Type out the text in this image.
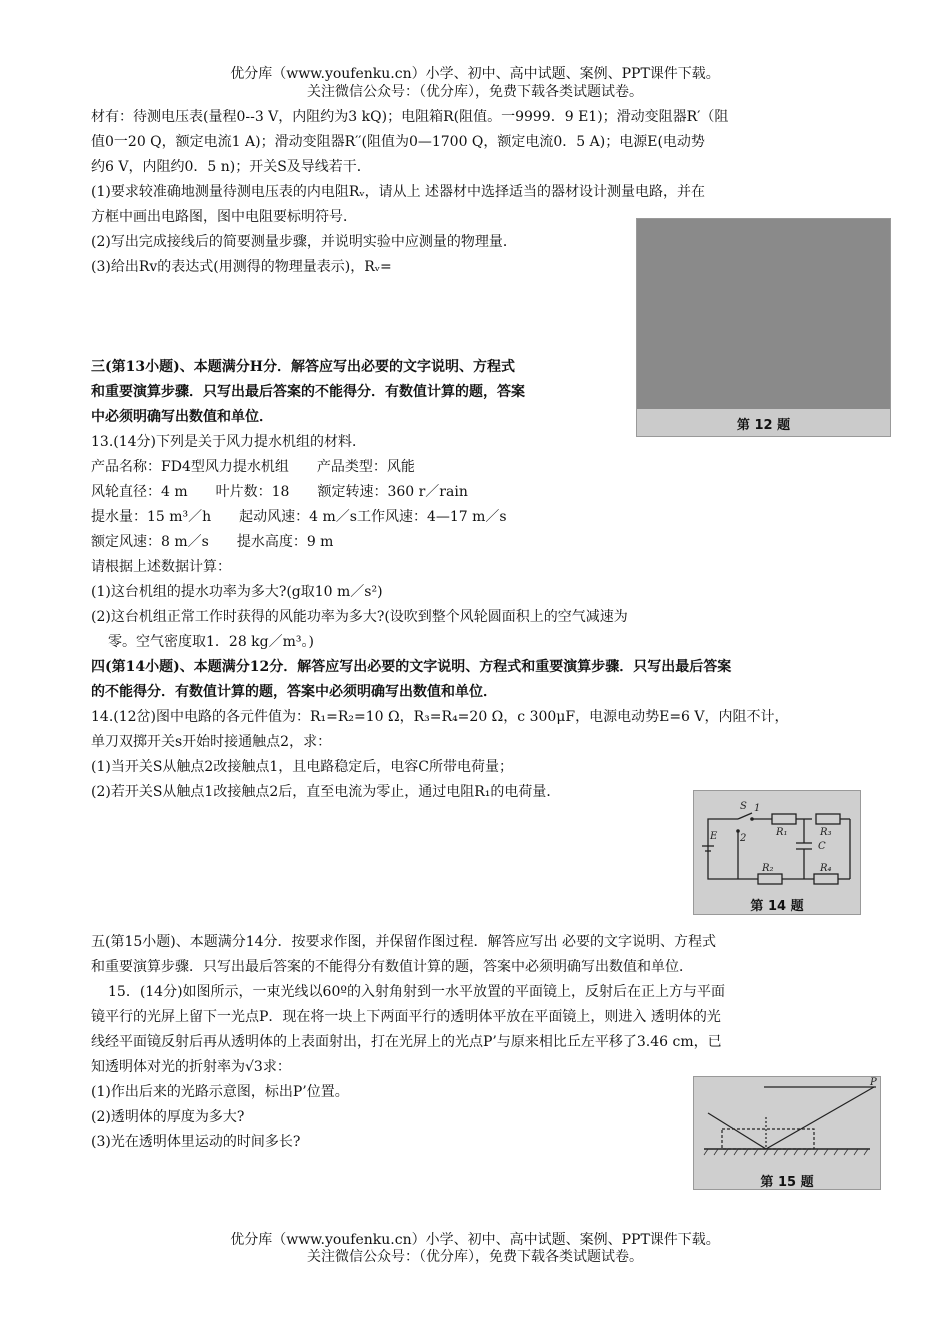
优分库（www.youfenku.cn）小学、初中、高中试题、案例、PPT课件下载。
关注微信公众号：（优分库），免费下载各类试题试卷。
材有：待测电压表(量程0--3 V，内阻约为3 kQ)；电阻箱R(阻值。一9999．9 E1)；滑动变阻器R′（阻
值0一20 Q，额定电流1 A)；滑动变阻器R′′(阻值为0—1700 Q，额定电流0．5 A)；电源E(电动势
约6 V，内阻约0．5 n)；开关S及导线若干．
(1)要求较准确地测量待测电压表的内电阻Rᵥ，请从上 述器材中选择适当的器材设计测量电路，并在
方框中画出电路图，图中电阻要标明符号．
(2)写出完成接线后的简要测量步骤，并说明实验中应测量的物理量．
(3)给出Rv的表达式(用测得的物理量表示)，Rᵥ=
第 12 题
三(第13小题)、本题满分H分．解答应写出必要的文字说明、方程式
和重要演算步骤．只写出最后答案的不能得分．有数值计算的题，答案
中必须明确写出数值和单位．
13.(14分)下列是关于风力提水机组的材料．
产品名称：FD4型风力提水机组　　产品类型：风能
风轮直径：4 m　　叶片数：18　　额定转速：360 r／rain
提水量：15 m³／h　　起动风速：4 m／s工作风速：4—17 m／s
额定风速：8 m／s　　提水高度：9 m
请根据上述数据计算：
(1)这台机组的提水功率为多大?(g取10 m／s²)
(2)这台机组正常工作时获得的风能功率为多大?(设吹到整个风轮圆面积上的空气减速为
零。空气密度取1．28 kg／m³。)
四(第14小题)、本题满分12分．解答应写出必要的文字说明、方程式和重要演算步骤．只写出最后答案
的不能得分．有数值计算的题，答案中必须明确写出数值和单位．
14.(12岔)图中电路的各元件值为：R₁=R₂=10 Ω，R₃=R₄=20 Ω，c 300μF，电源电动势E=6 V，内阻不计，
单刀双掷开关s开始时接通触点2，求：
(1)当开关S从触点2改接触点1，且电路稳定后，电容C所带电荷量；
(2)若开关S从触点1改接触点2后，直至电流为零止，通过电阻R₁的电荷量．
S 1
2
E	R₁	R₃
C
R₂	R₄
第 14 题
五(第15小题)、本题满分14分．按要求作图，并保留作图过程．解答应写出 必要的文字说明、方程式
和重要演算步骤．只写出最后答案的不能得分有数值计算的题，答案中必须明确写出数值和单位．
15．(14分)如图所示，一束光线以60º的入射角射到一水平放置的平面镜上，反射后在正上方与平面
镜平行的光屏上留下一光点P．现在将一块上下两面平行的透明体平放在平面镜上，则进入 透明体的光
线经平面镜反射后再从透明体的上表面射出，打在光屏上的光点P’与原来相比丘左平移了3.46 cm，已
知透明体对光的折射率为√3求：
(1)作出后来的光路示意图，标出P’位置。
(2)透明体的厚度为多大?
(3)光在透明体里运动的时间多长?
P
第 15 题
优分库（www.youfenku.cn）小学、初中、高中试题、案例、PPT课件下载。
关注微信公众号：（优分库），免费下载各类试题试卷。
